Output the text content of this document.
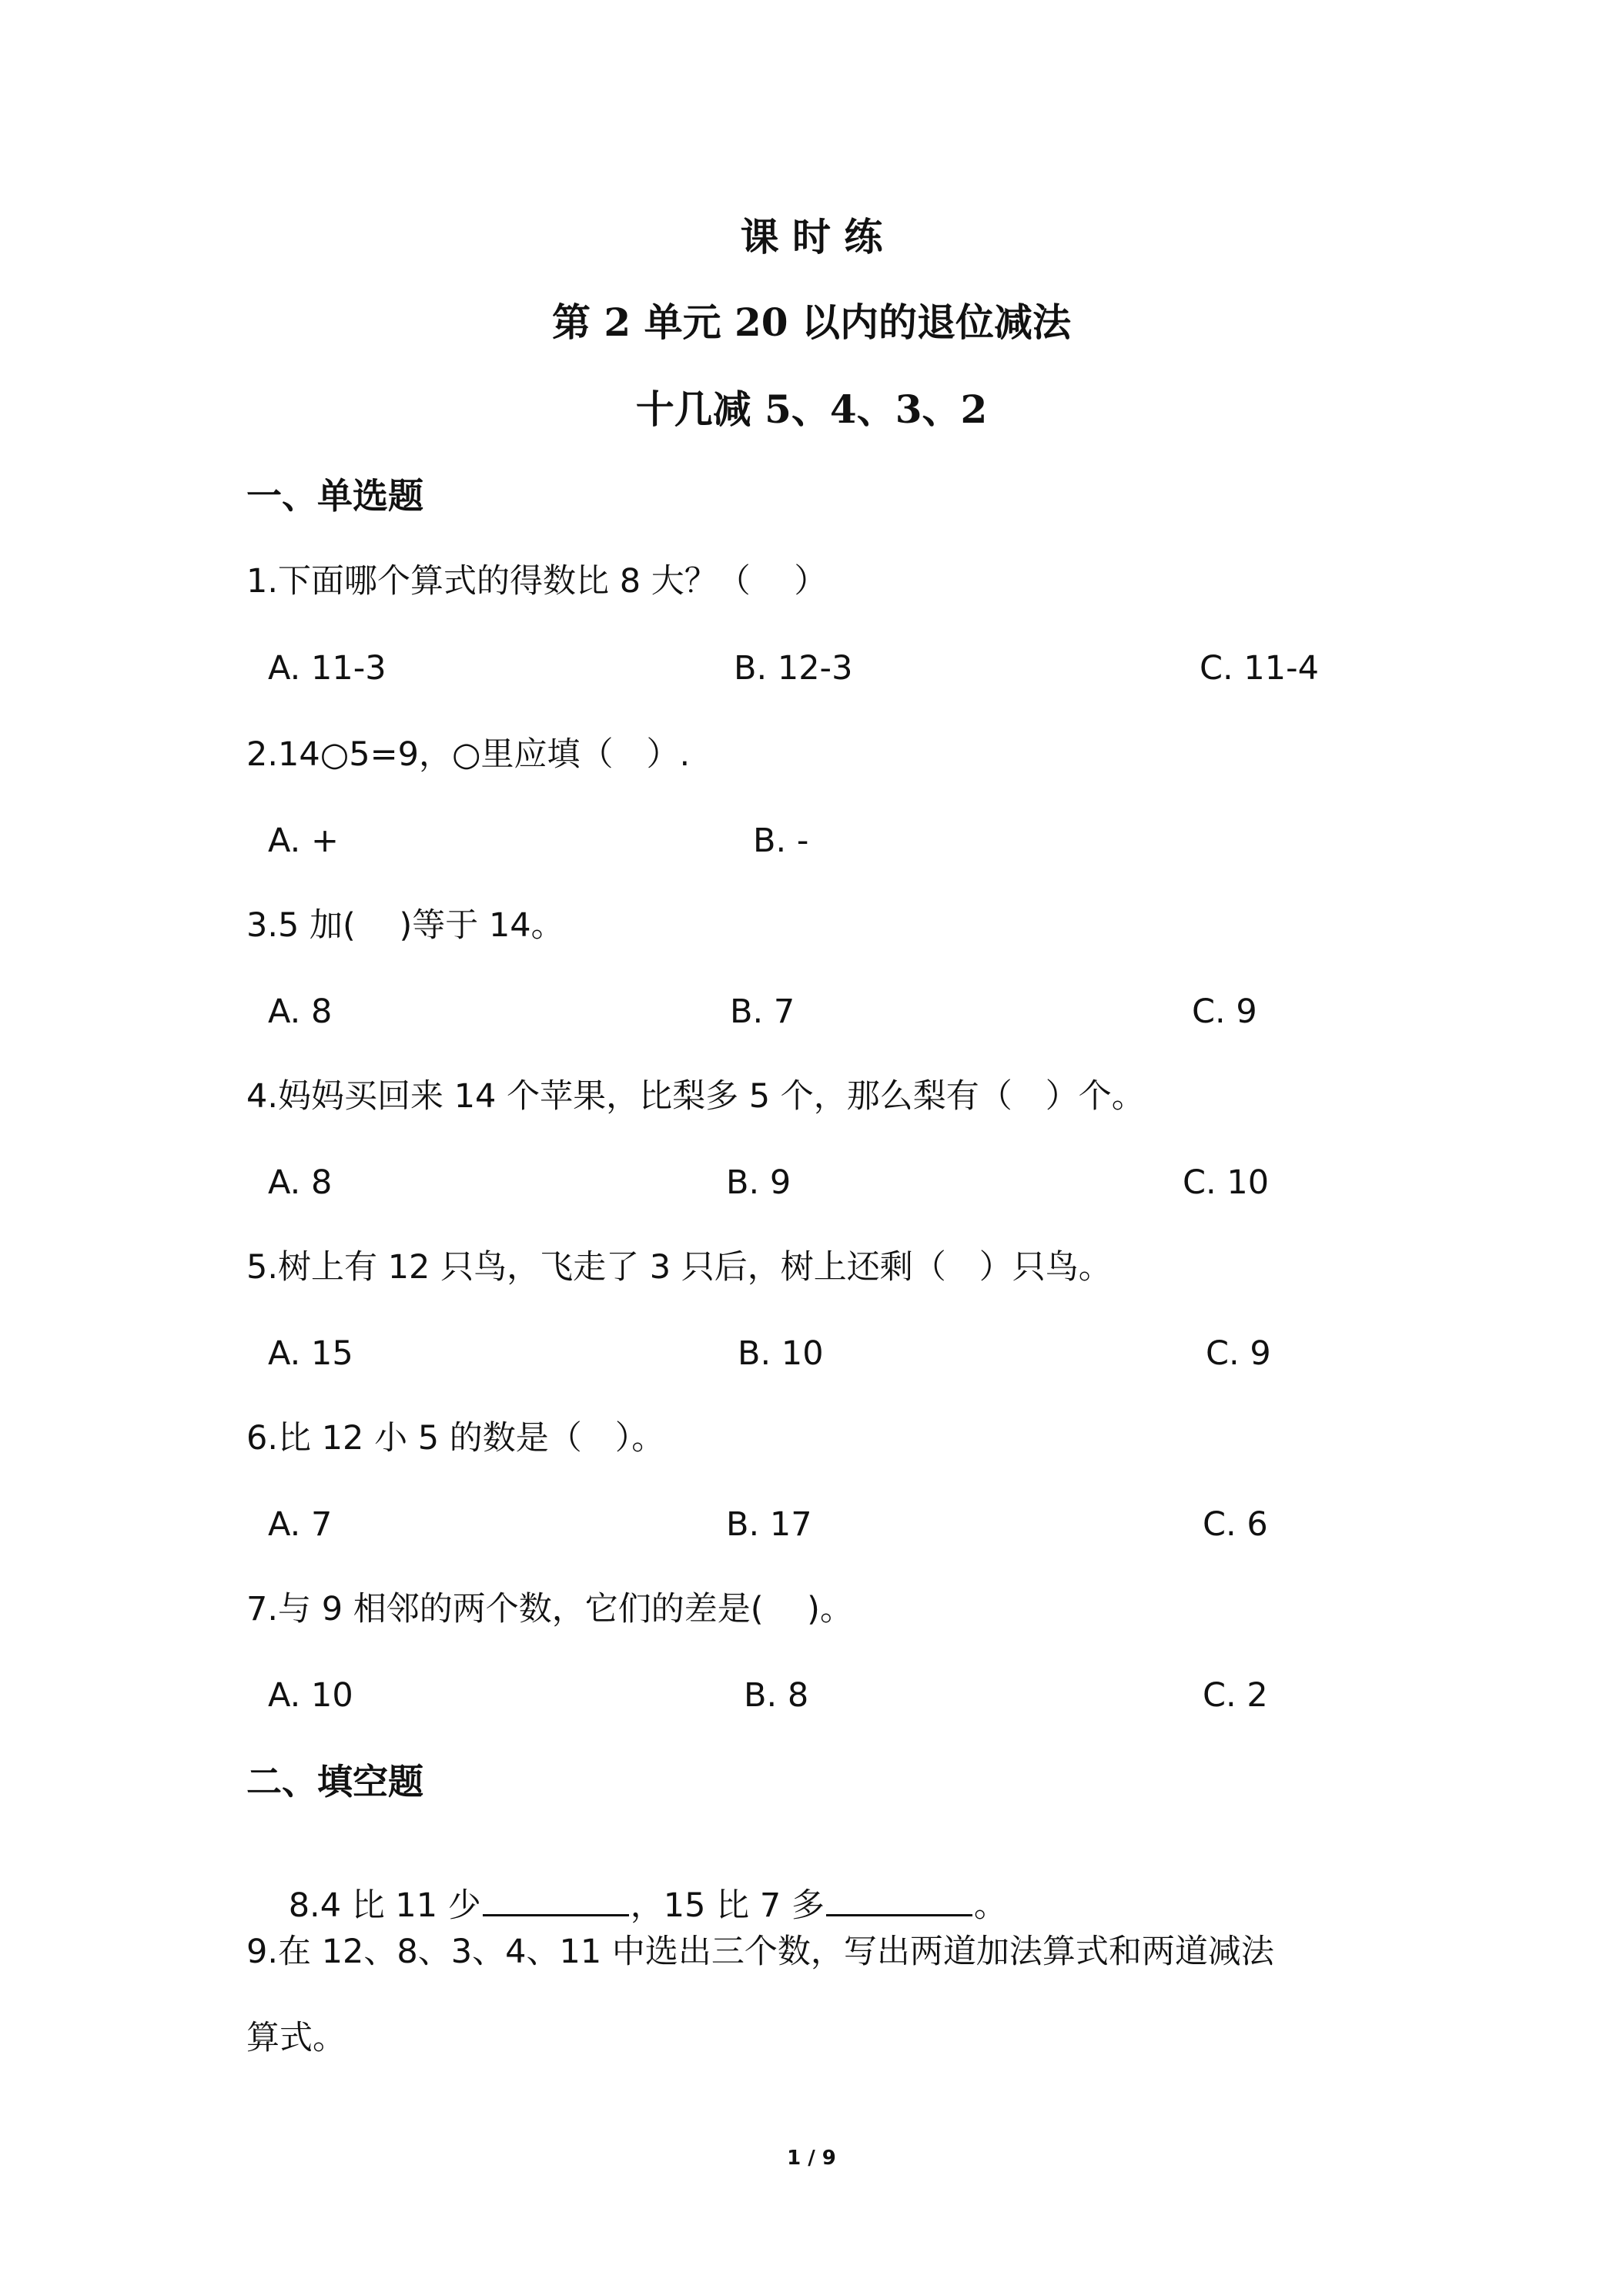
课 时 练
第 2 单元 20 以内的退位减法
十几减 5、4、3、2
一、单选题
1.下面哪个算式的得数比 8 大？（　 ）
A. 11-3	B. 12-3	C. 11-4
2.14○5=9，○里应填（　）.
A. +	B. -
3.5 加(　 )等于 14。
A. 8	B. 7	C. 9
4.妈妈买回来 14 个苹果，比梨多 5 个，那么梨有（　）个。
A. 8	B. 9	C. 10
5.树上有 12 只鸟，飞走了 3 只后，树上还剩（　）只鸟。
A. 15	B. 10	C. 9
6.比 12 小 5 的数是（　）。
A. 7	B. 17	C. 6
7.与 9 相邻的两个数，它们的差是(　 )。
A. 10	B. 8	C. 2
二、填空题

8.4 比 11 少	，15 比 7 多	。

9.在 12、8、3、4、11 中选出三个数，写出两道加法算式和两道减法
算式。
1 / 9
